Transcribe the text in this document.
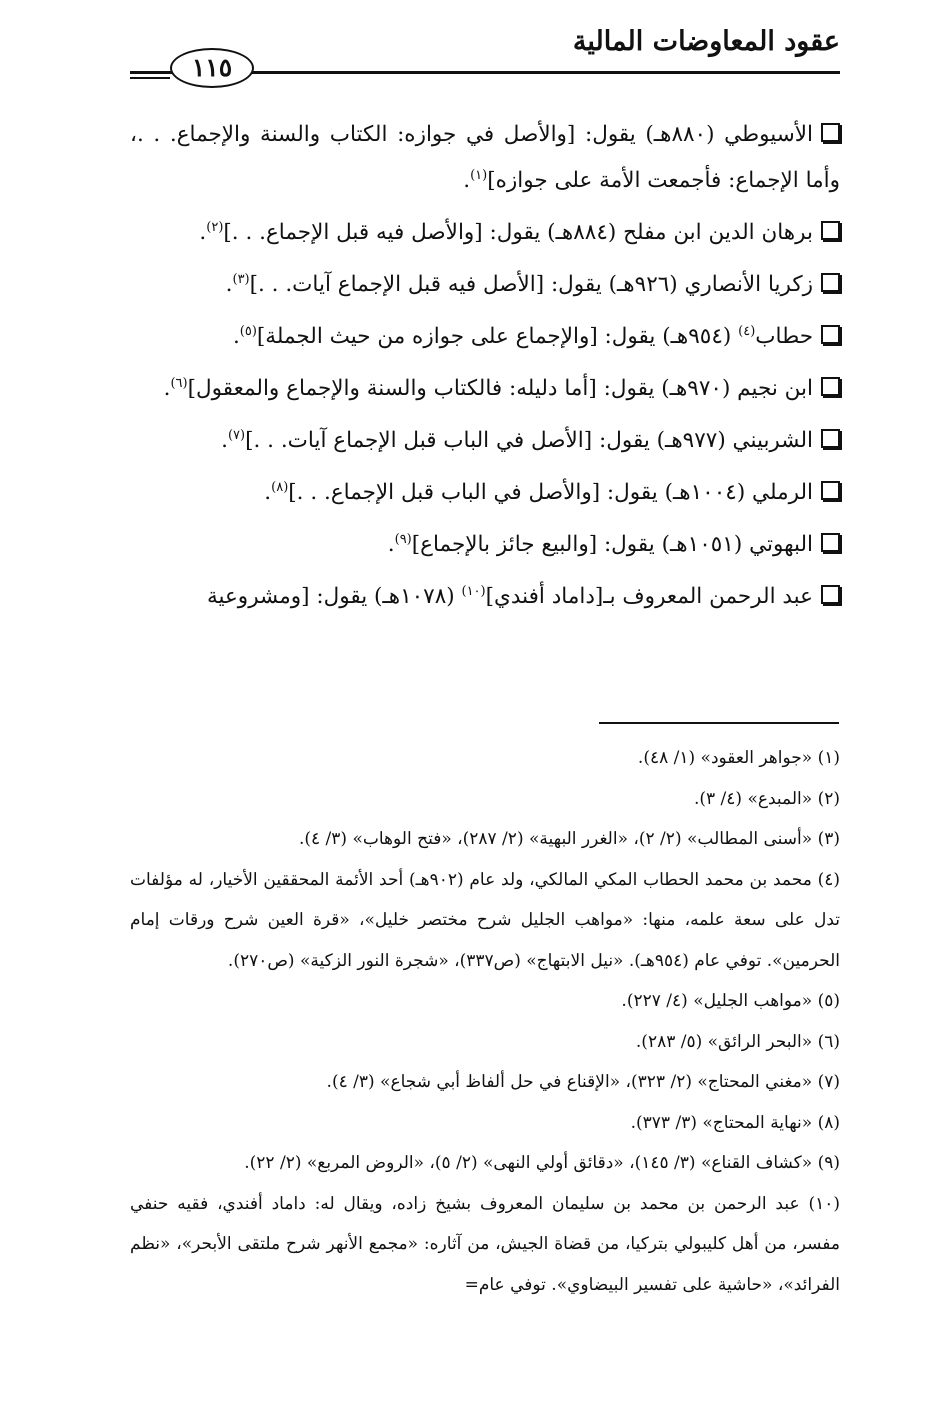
عقود المعاوضات المالية
١١٥

الأسيوطي (٨٨٠هـ) يقول: [والأصل في جوازه: الكتاب والسنة والإجماع. . .، وأما الإجماع: فأجمعت الأمة على جوازه]$^{(١)}$.

برهان الدين ابن مفلح (٨٨٤هـ) يقول: [والأصل فيه قبل الإجماع. . .]$^{(٢)}$.

زكريا الأنصاري (٩٢٦هـ) يقول: [الأصل فيه قبل الإجماع آيات. . .]$^{(٣)}$.

حطاب$^{(٤)}$ (٩٥٤هـ) يقول: [والإجماع على جوازه من حيث الجملة]$^{(٥)}$.

ابن نجيم (٩٧٠هـ) يقول: [أما دليله: فالكتاب والسنة والإجماع والمعقول]$^{(٦)}$.

الشربيني (٩٧٧هـ) يقول: [الأصل في الباب قبل الإجماع آيات. . .]$^{(٧)}$.

الرملي (١٠٠٤هـ) يقول: [والأصل في الباب قبل الإجماع. . .]$^{(٨)}$.

البهوتي (١٠٥١هـ) يقول: [والبيع جائز بالإجماع]$^{(٩)}$.

عبد الرحمن المعروف بـ[داماد أفندي]$^{(١٠)}$ (١٠٧٨هـ) يقول: [ومشروعية

(١) «جواهر العقود» (١/ ٤٨).

(٢) «المبدع» (٤/ ٣).

(٣) «أسنى المطالب» (٢/ ٢)، «الغرر البهية» (٢/ ٢٨٧)، «فتح الوهاب» (٣/ ٤).

(٤) محمد بن محمد الحطاب المكي المالكي، ولد عام (٩٠٢هـ) أحد الأئمة المحققين الأخيار، له مؤلفات تدل على سعة علمه، منها: «مواهب الجليل شرح مختصر خليل»، «قرة العين شرح ورقات إمام الحرمين». توفي عام (٩٥٤هـ). «نيل الابتهاج» (ص٣٣٧)، «شجرة النور الزكية» (ص٢٧٠).

(٥) «مواهب الجليل» (٤/ ٢٢٧).

(٦) «البحر الرائق» (٥/ ٢٨٣).

(٧) «مغني المحتاج» (٢/ ٣٢٣)، «الإقناع في حل ألفاظ أبي شجاع» (٣/ ٤).

(٨) «نهاية المحتاج» (٣/ ٣٧٣).

(٩) «كشاف القناع» (٣/ ١٤٥)، «دقائق أولي النهى» (٢/ ٥)، «الروض المربع» (٢/ ٢٢).

(١٠) عبد الرحمن بن محمد بن سليمان المعروف بشيخ زاده، ويقال له: داماد أفندي، فقيه حنفي مفسر، من أهل كليبولي بتركيا، من قضاة الجيش، من آثاره: «مجمع الأنهر شرح ملتقى الأبحر»، «نظم الفرائد»، «حاشية على تفسير البيضاوي». توفي عام=
